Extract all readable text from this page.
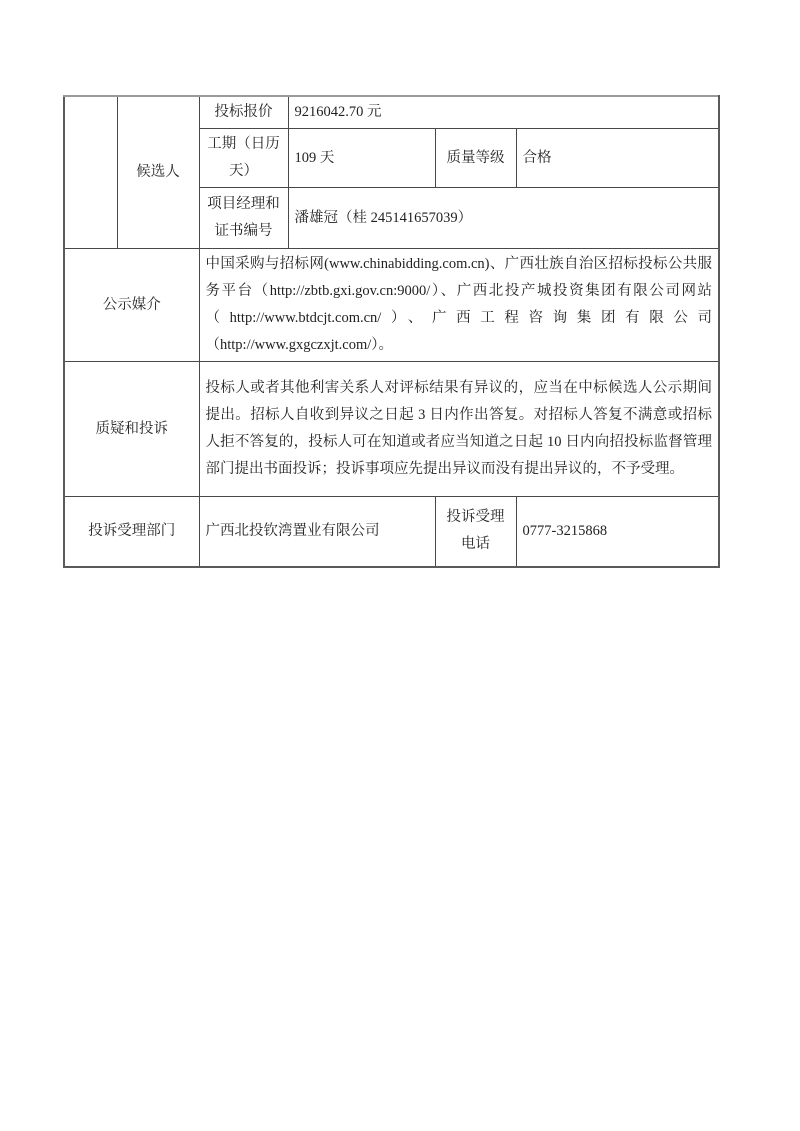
	候选人	投标报价	9216042.70 元		
		工期（日历天）	109 天	质量等级	合格
		项目经理和证书编号	潘雄冠（桂 245141657039）		
公示媒介		中国采购与招标网(www.chinabidding.com.cn)、广西壮族自治区招标投标公共服务平台（http://zbtb.gxi.gov.cn:9000/）、广西北投产城投资集团有限公司网站（http://www.btdcjt.com.cn/）、广西工程咨询集团有限公司（http://www.gxgczxjt.com/）。			
质疑和投诉		投标人或者其他利害关系人对评标结果有异议的，应当在中标候选人公示期间提出。招标人自收到异议之日起 3 日内作出答复。对招标人答复不满意或招标人拒不答复的，投标人可在知道或者应当知道之日起 10 日内向招投标监督管理部门提出书面投诉；投诉事项应先提出异议而没有提出异议的，不予受理。			
投诉受理部门		广西北投钦湾置业有限公司		投诉受理电话	0777-3215868
